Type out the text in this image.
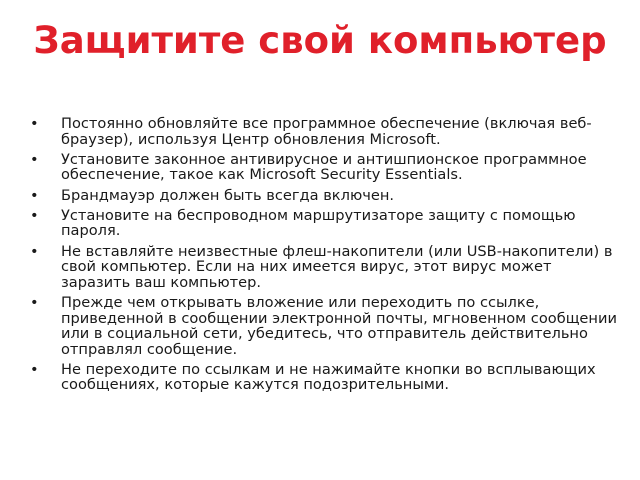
Защитите свой компьютер
• Постоянно обновляйте все программное обеспечение (включая веб-браузер), используя Центр обновления Microsoft.
• Установите законное антивирусное и антишпионское программное обеспечение, такое как Microsoft Security Essentials.
• Брандмауэр должен быть всегда включен.
• Установите на беспроводном маршрутизаторе защиту с помощью пароля.
• Не вставляйте неизвестные флеш-накопители (или USB-накопители) в свой компьютер. Если на них имеется вирус, этот вирус может заразить ваш компьютер.
• Прежде чем открывать вложение или переходить по ссылке, приведенной в сообщении электронной почты, мгновенном сообщении или в социальной сети, убедитесь, что отправитель действительно отправлял сообщение.
• Не переходите по ссылкам и не нажимайте кнопки во всплывающих сообщениях, которые кажутся подозрительными.
